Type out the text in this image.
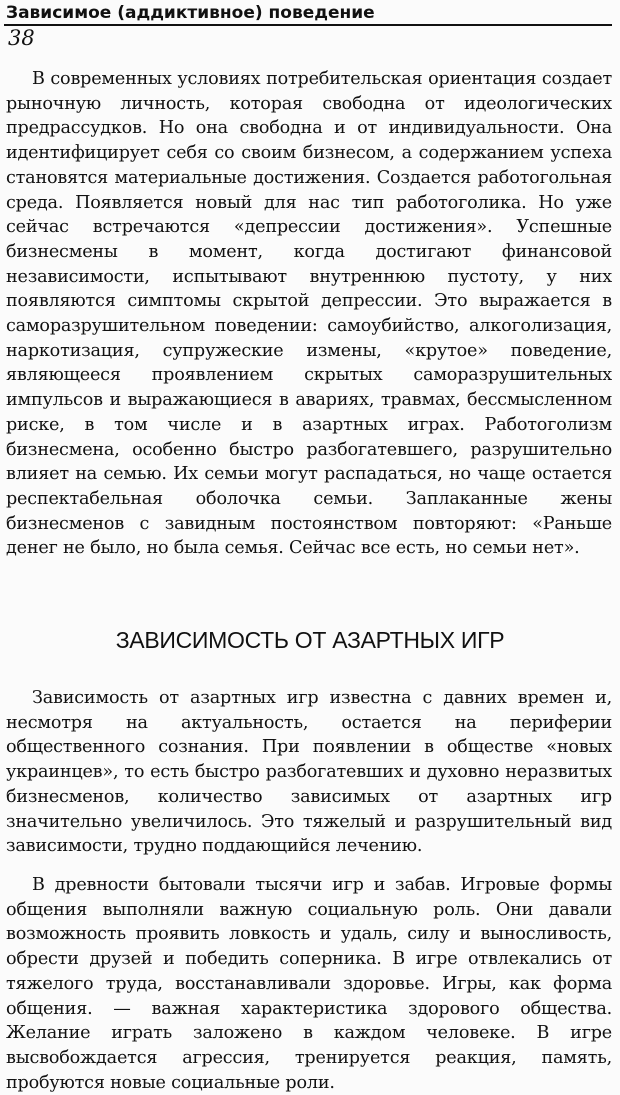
Зависимое (аддиктивное) поведение
38

В современных условиях потребительская ориентация создает рыночную личность, которая свободна от идеологических предрассудков. Но она свободна и от индивидуальности. Она идентифицирует себя со своим бизнесом, а содержанием успеха становятся материальные достижения. Создается работогольная среда. Появляется новый для нас тип работоголика. Но уже сейчас встречаются «депрессии достижения». Успешные бизнесмены в момент, когда достигают финансовой независимости, испытывают внутреннюю пустоту, у них появляются симптомы скрытой депрессии. Это выражается в саморазрушительном поведении: самоубийство, алкоголизация, наркотизация, супружеские измены, «крутое» поведение, являющееся проявлением скрытых саморазрушительных импульсов и выражающиеся в авариях, травмах, бессмысленном риске, в том числе и в азартных играх. Работоголизм бизнесмена, особенно быстро разбогатевшего, разрушительно влияет на семью. Их семьи могут распадаться, но чаще остается респектабельная оболочка семьи. Заплаканные жены бизнесменов с завидным постоянством повторяют: «Раньше денег не было, но была семья. Сейчас все есть, но семьи нет».

ЗАВИСИМОСТЬ ОТ АЗАРТНЫХ ИГР

Зависимость от азартных игр известна с давних времен и, несмотря на актуальность, остается на периферии общественного сознания. При появлении в обществе «новых украинцев», то есть быстро разбогатевших и духовно неразвитых бизнесменов, количество зависимых от азартных игр значительно увеличилось. Это тяжелый и разрушительный вид зависимости, трудно поддающийся лечению.

В древности бытовали тысячи игр и забав. Игровые формы общения выполняли важную социальную роль. Они давали возможность проявить ловкость и удаль, силу и выносливость, обрести друзей и победить соперника. В игре отвлекались от тяжелого труда, восстанавливали здоровье. Игры, как форма общения. — важная характеристика здорового общества. Желание играть заложено в каждом человеке. В игре высвобождается агрессия, тренируется реакция, память, пробуются новые социальные роли.
